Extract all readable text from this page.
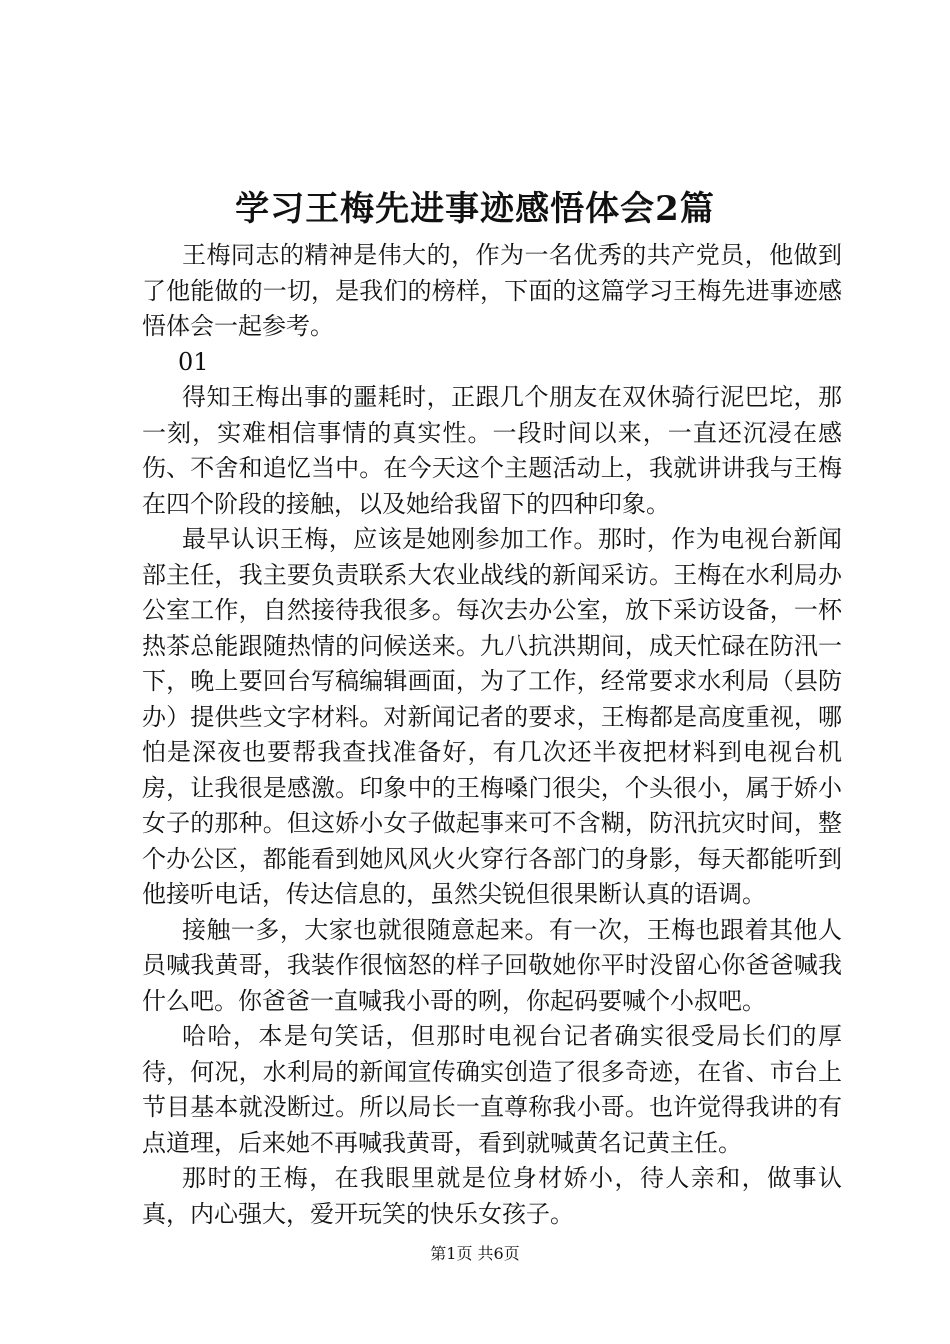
学习王梅先进事迹感悟体会2篇

王梅同志的精神是伟大的，作为一名优秀的共产党员，他做到了他能做的一切，是我们的榜样，下面的这篇学习王梅先进事迹感悟体会一起参考。

01

得知王梅出事的噩耗时，正跟几个朋友在双休骑行泥巴坨，那一刻，实难相信事情的真实性。一段时间以来，一直还沉浸在感伤、不舍和追忆当中。在今天这个主题活动上，我就讲讲我与王梅在四个阶段的接触，以及她给我留下的四种印象。

最早认识王梅，应该是她刚参加工作。那时，作为电视台新闻部主任，我主要负责联系大农业战线的新闻采访。王梅在水利局办公室工作，自然接待我很多。每次去办公室，放下采访设备，一杯热茶总能跟随热情的问候送来。九八抗洪期间，成天忙碌在防汛一下，晚上要回台写稿编辑画面，为了工作，经常要求水利局（县防办）提供些文字材料。对新闻记者的要求，王梅都是高度重视，哪怕是深夜也要帮我查找准备好，有几次还半夜把材料到电视台机房，让我很是感激。印象中的王梅嗓门很尖，个头很小，属于娇小女子的那种。但这娇小女子做起事来可不含糊，防汛抗灾时间，整个办公区，都能看到她风风火火穿行各部门的身影，每天都能听到他接听电话，传达信息的，虽然尖锐但很果断认真的语调。

接触一多，大家也就很随意起来。有一次，王梅也跟着其他人员喊我黄哥，我装作很恼怒的样子回敬她你平时没留心你爸爸喊我什么吧。你爸爸一直喊我小哥的咧，你起码要喊个小叔吧。

哈哈，本是句笑话，但那时电视台记者确实很受局长们的厚待，何况，水利局的新闻宣传确实创造了很多奇迹，在省、市台上节目基本就没断过。所以局长一直尊称我小哥。也许觉得我讲的有点道理，后来她不再喊我黄哥，看到就喊黄名记黄主任。

那时的王梅，在我眼里就是位身材娇小，待人亲和，做事认真，内心强大，爱开玩笑的快乐女孩子。

第1页 共6页
